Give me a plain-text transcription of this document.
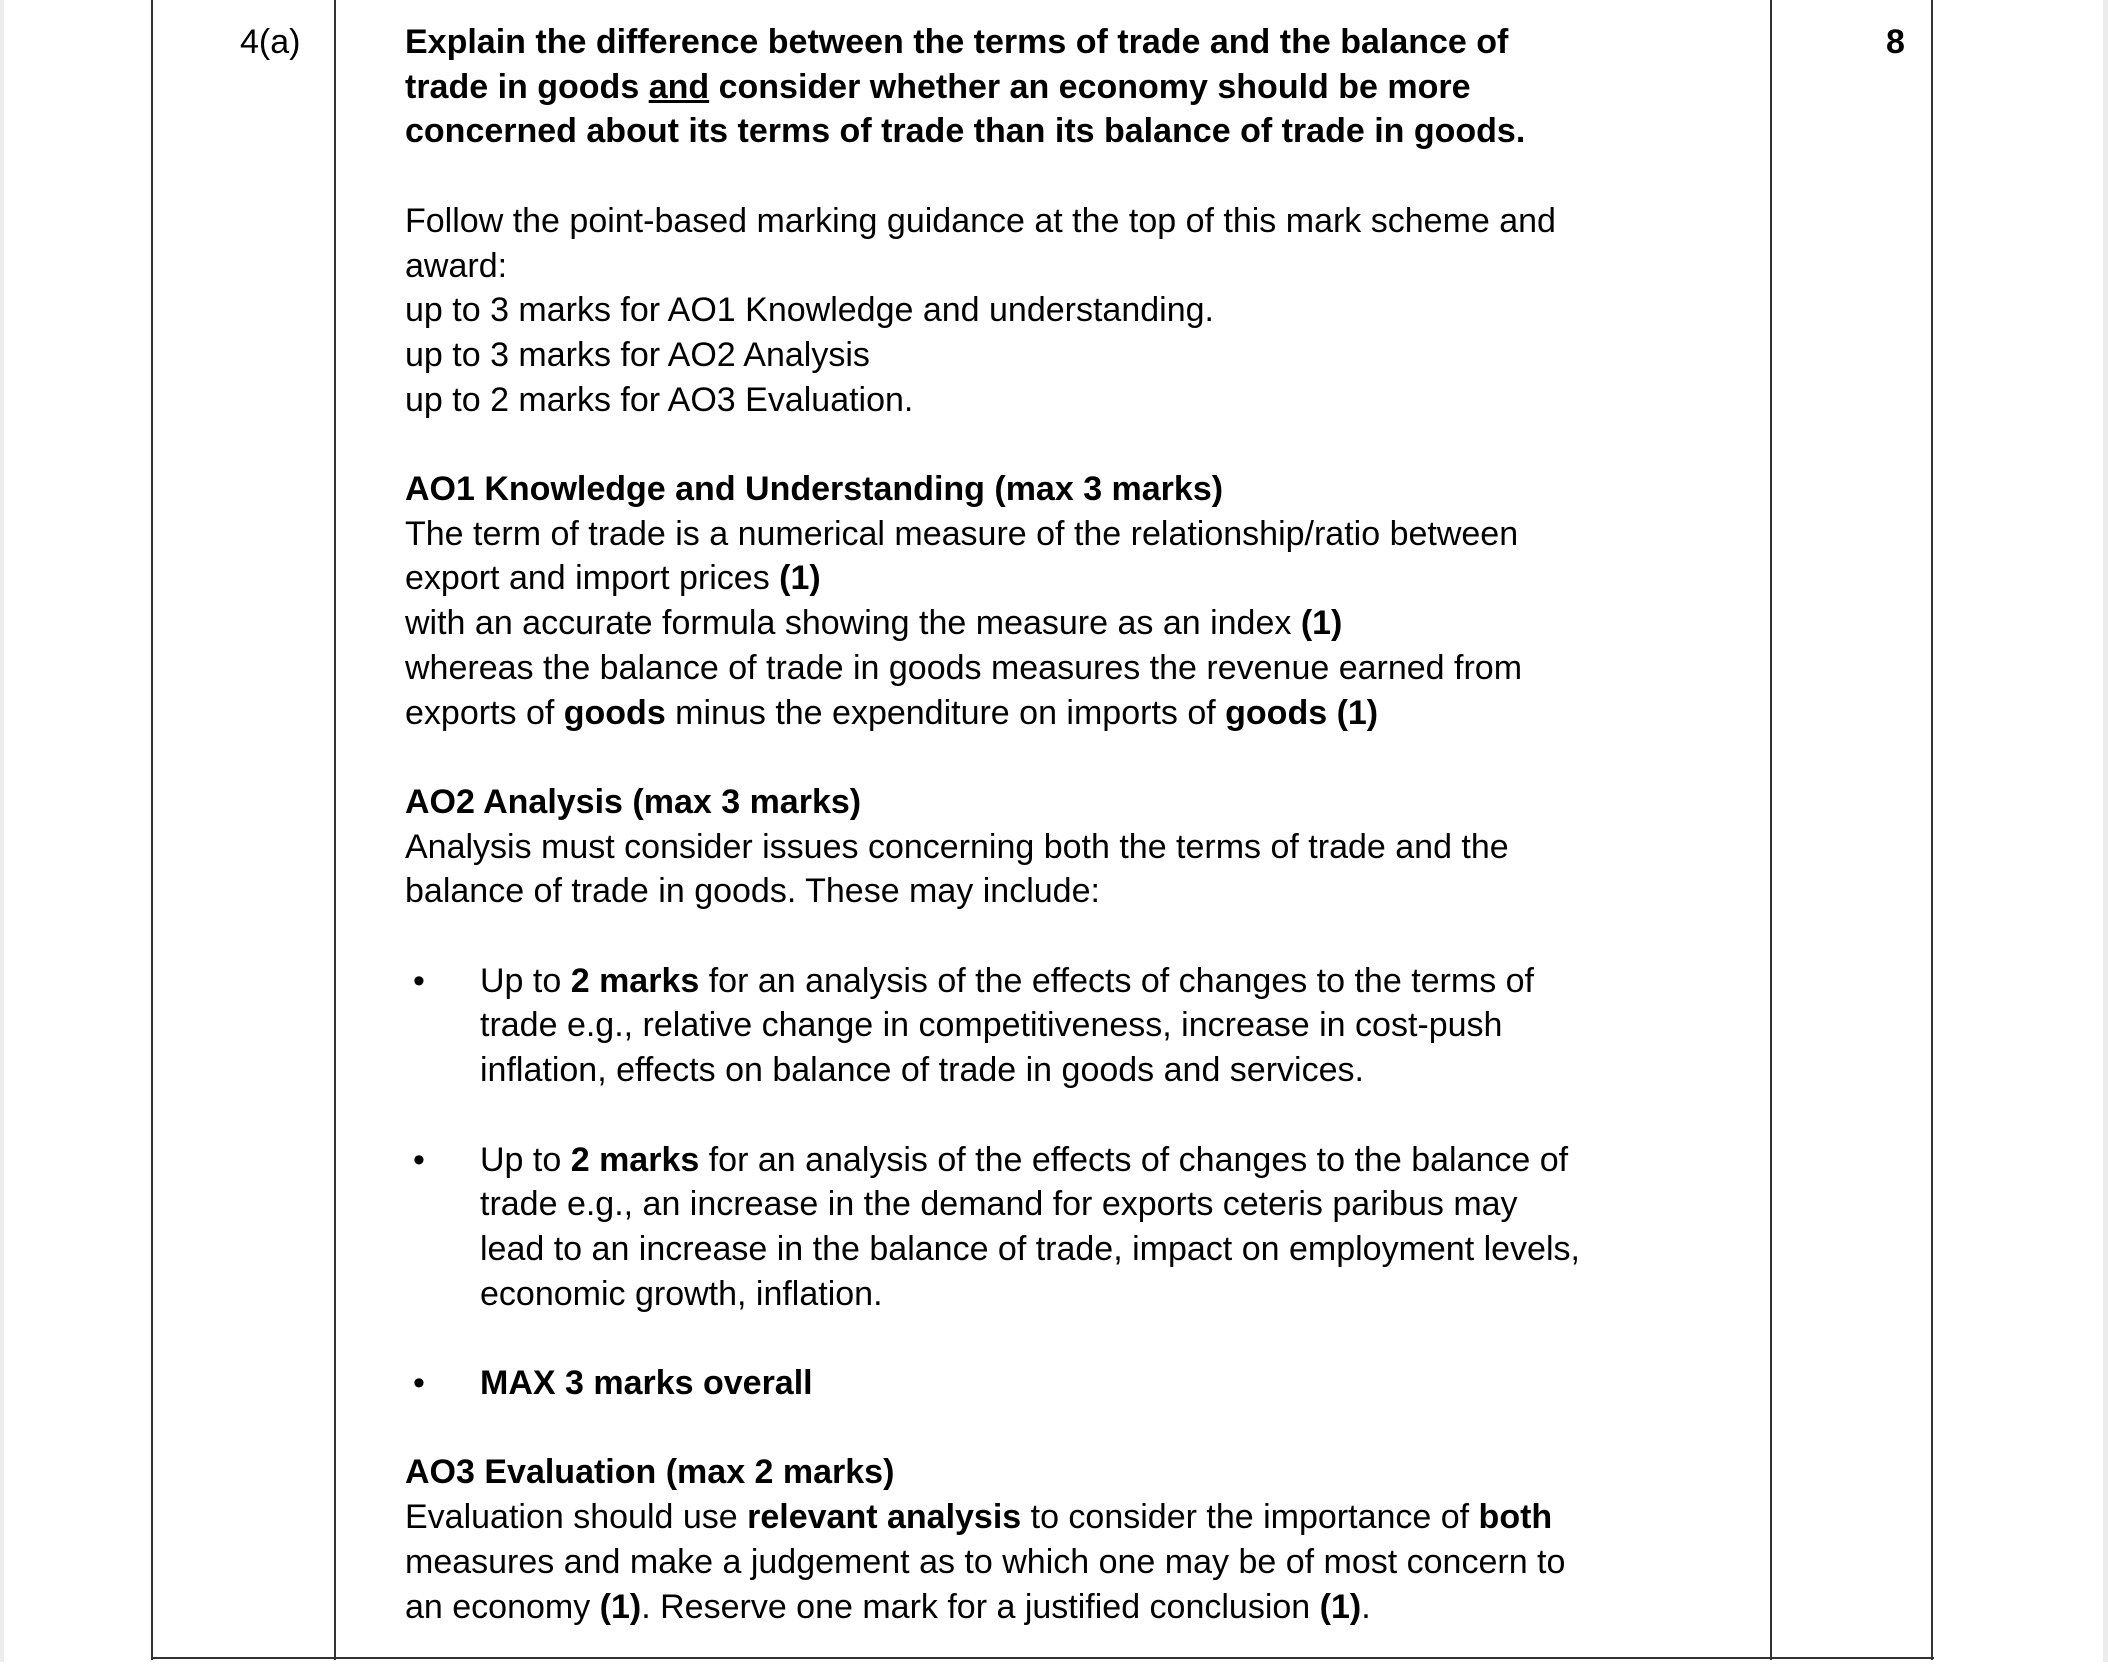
4(a)	Explain the difference between the terms of trade and the balance of
trade in goods and consider whether an economy should be more
concerned about its terms of trade than its balance of trade in goods.
Follow the point-based marking guidance at the top of this mark scheme and
award:
up to 3 marks for AO1 Knowledge and understanding.
up to 3 marks for AO2 Analysis
up to 2 marks for AO3 Evaluation.
AO1 Knowledge and Understanding (max 3 marks)
The term of trade is a numerical measure of the relationship/ratio between
export and import prices (1)
with an accurate formula showing the measure as an index (1)
whereas the balance of trade in goods measures the revenue earned from
exports of goods minus the expenditure on imports of goods (1)
AO2 Analysis (max 3 marks)
Analysis must consider issues concerning both the terms of trade and the
balance of trade in goods. These may include:
• Up to 2 marks for an analysis of the effects of changes to the terms of
trade e.g., relative change in competitiveness, increase in cost-push
inflation, effects on balance of trade in goods and services.
• Up to 2 marks for an analysis of the effects of changes to the balance of
trade e.g., an increase in the demand for exports ceteris paribus may
lead to an increase in the balance of trade, impact on employment levels,
economic growth, inflation.
• MAX 3 marks overall
AO3 Evaluation (max 2 marks)
Evaluation should use relevant analysis to consider the importance of both
measures and make a judgement as to which one may be of most concern to
an economy (1). Reserve one mark for a justified conclusion (1).
8
